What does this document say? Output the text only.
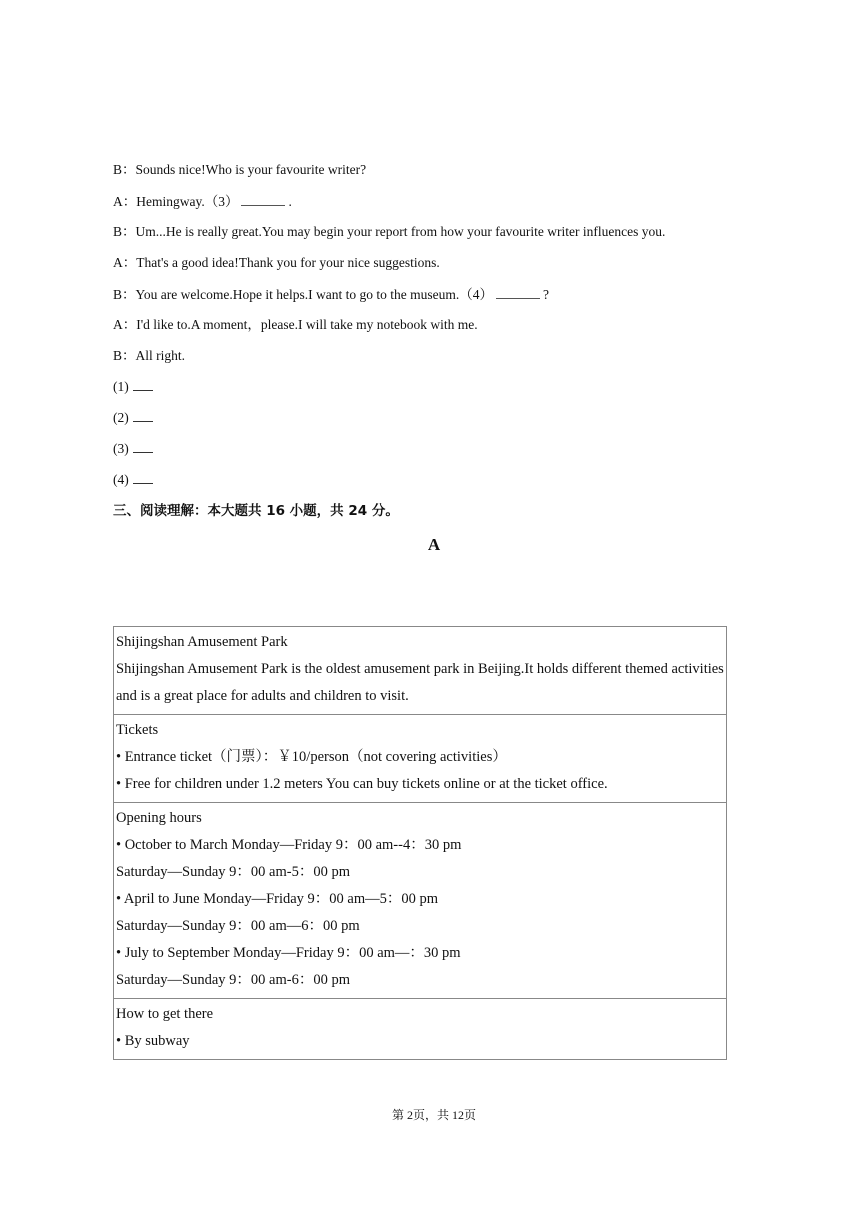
B：Sounds nice!Who is your favourite writer?
A：Hemingway.（3）	.
B：Um...He is really great.You may begin your report from how your favourite writer influences you.
A：That's a good idea!Thank you for your nice suggestions.
B：You are welcome.Hope it helps.I want to go to the museum.（4）	?
A：I'd like to.A moment，please.I will take my notebook with me.
B：All right.
(1)
(2)
(3)
(4)
三、阅读理解：本大题共 16 小题，共 24 分。
A
Shijingshan Amusement Park
Shijingshan Amusement Park is the oldest amusement park in Beijing.It holds different themed activities and is a great place for adults and children to visit.

Tickets
• Entrance ticket（门票）：￥10/person（not covering activities）
• Free for children under 1.2 meters You can buy tickets online or at the ticket office.

Opening hours
• October to March Monday—Friday 9：00 am--4：30 pm
Saturday—Sunday 9：00 am-5：00 pm
• April to June Monday—Friday 9：00 am—5：00 pm
Saturday—Sunday 9：00 am—6：00 pm
• July to September Monday—Friday 9：00 am—：30 pm
Saturday—Sunday 9：00 am-6：00 pm

How to get there
• By subway
第 2页，共 12页
